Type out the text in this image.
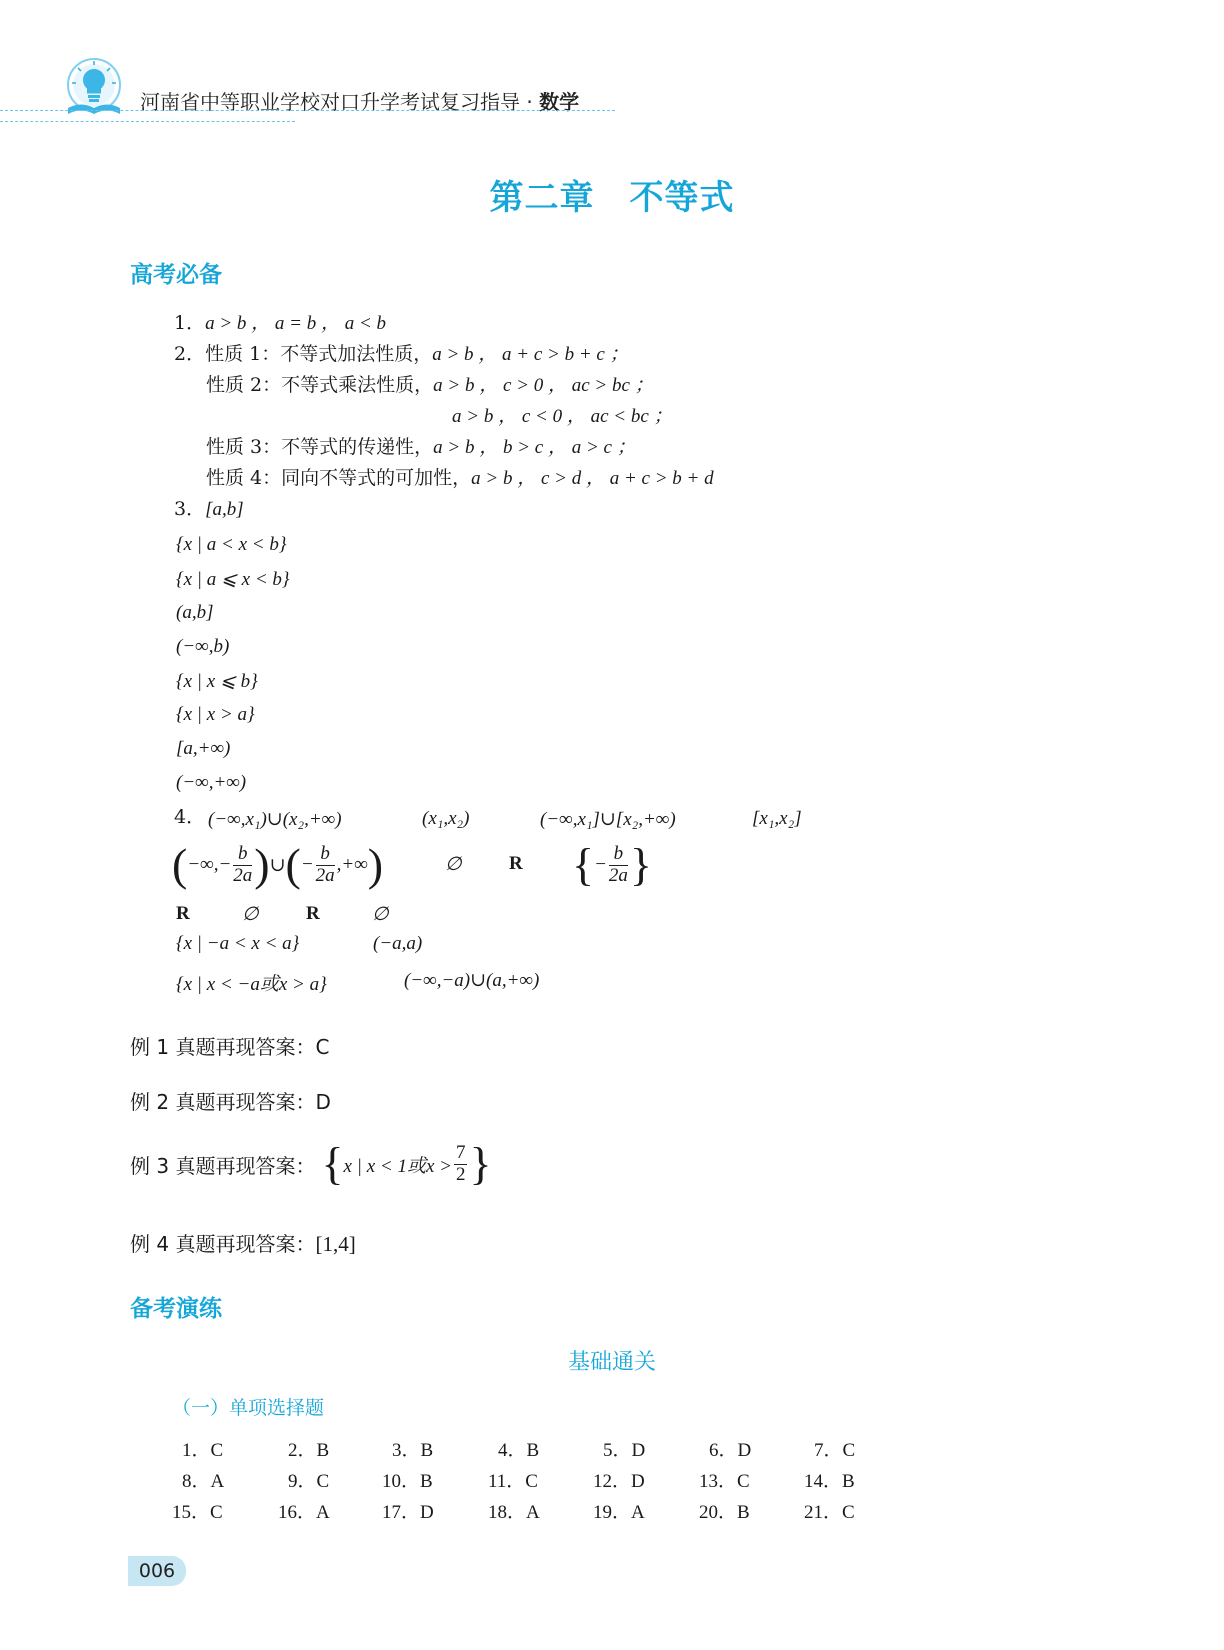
河南省中等职业学校对口升学考试复习指导 · 数学
第二章　不等式
高考必备
1．a > b ， a = b ， a < b
2．性质 1：不等式加法性质，a > b ， a + c > b + c ；
性质 2：不等式乘法性质，a > b ， c > 0 ， ac > bc ；
a > b ， c < 0 ， ac < bc ；
性质 3：不等式的传递性，a > b ， b > c ， a > c ；
性质 4：同向不等式的可加性，a > b ， c > d ， a + c > b + d
3．[a,b]
{x | a < x < b}
{x | a ⩽ x < b}
(a,b]
(−∞,b)
{x | x ⩽ b}
{x | x > a}
[a,+∞)
(−∞,+∞)
4． (−∞,x₁)∪(x₂,+∞)	(x₁,x₂)	(−∞,x₁]∪[x₂,+∞)	[x₁,x₂]
( −∞,− $\frac{b}{2a}$ ) ∪ ( − $\frac{b}{2a}$ ,+∞ )	∅ R { − $\frac{b}{2a}$ }
R	∅ R	∅
{x | −a < x < a}	(−a,a)
{x | x < −a或x > a}	(−∞,−a)∪(a,+∞)
例 1 真题再现答案：C
例 2 真题再现答案：D
例 3 真题再现答案： { x | x < 1或$x > \frac{7}{2}$ }
例 4 真题再现答案：[1,4]
备考演练
基础通关
（一）单项选择题
1．C	2．B	3．B	4．B	5．D	6．D	7．C
8．A	9．C	10．B	11．C	12．D	13．C	14．B
15．C	16．A	17．D	18．A	19．A	20．B	21．C
006
